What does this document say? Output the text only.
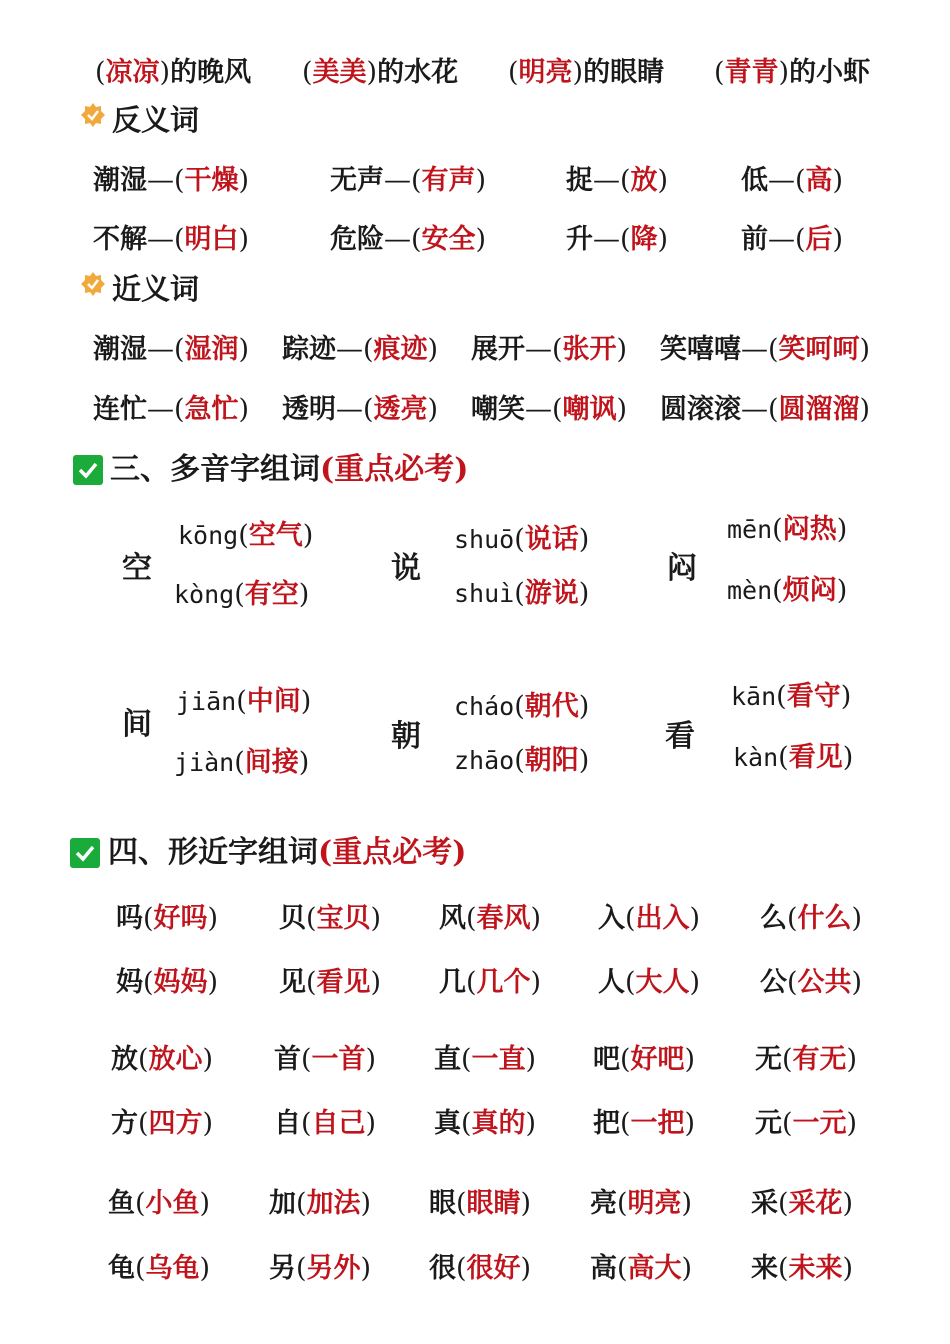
(凉凉)的晚风 (美美)的水花 (明亮)的眼睛 (青青)的小虾
反义词
潮湿—(干燥)	无声—(有声)	捉—(放)	低—(高)
不解—(明白)	危险—(安全)	升—(降)	前—(后)
近义词
潮湿—(湿润) 踪迹—(痕迹) 展开—(张开) 笑嘻嘻—(笑呵呵)
连忙—(急忙) 透明—(透亮) 嘲笑—(嘲讽) 圆滚滚—(圆溜溜)
三、多音字组词(重点必考)
空
kōng(空气)
kòng(有空)
说
shuō(说话)
shuì(游说)
闷
mēn(闷热)
mèn(烦闷)
间
jiān(中间)
jiàn(间接)
朝
cháo(朝代)
zhāo(朝阳)
看
kān(看守)
kàn(看见)
四、形近字组词(重点必考)
吗(好吗) 贝(宝贝) 风(春风) 入(出入) 么(什么)
妈(妈妈) 见(看见) 几(几个) 人(大人) 公(公共)
放(放心) 首(一首) 直(一直) 吧(好吧) 无(有无)
方(四方) 自(自己) 真(真的) 把(一把) 元(一元)
鱼(小鱼) 加(加法) 眼(眼睛) 亮(明亮) 采(采花)
龟(乌龟) 另(另外) 很(很好) 高(高大) 来(未来)
